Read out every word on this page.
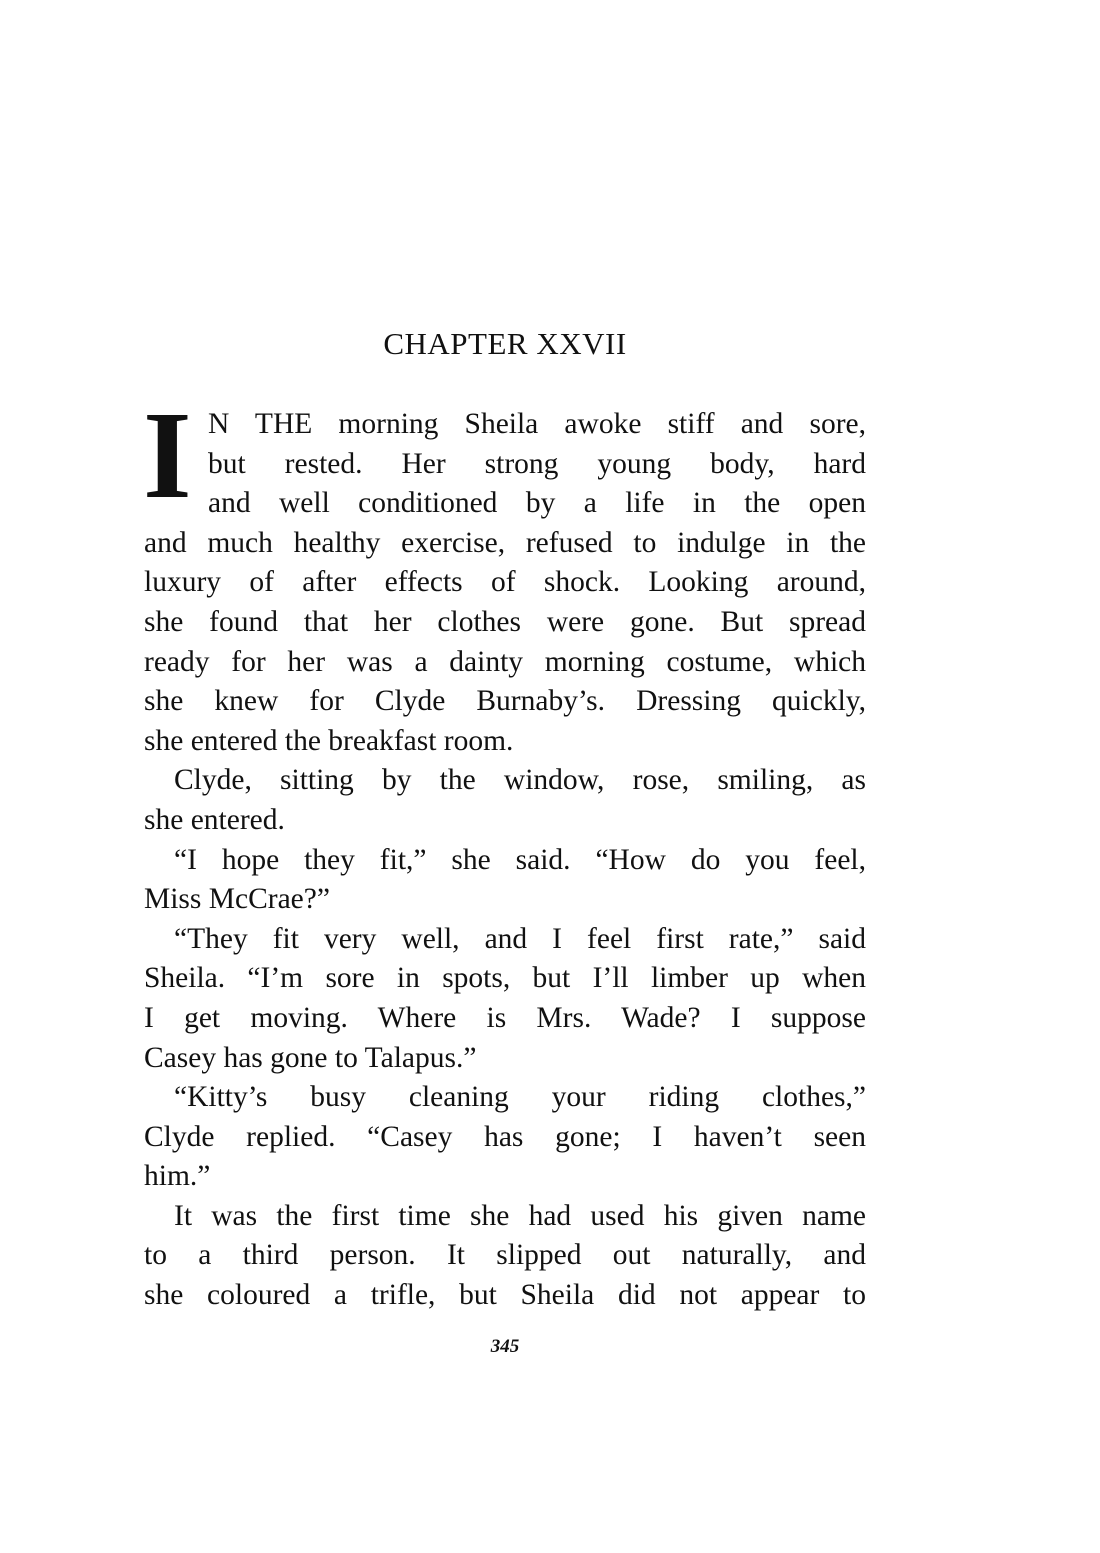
CHAPTER XXVII
I N THE morning Sheila awoke stiff and sore,
but rested. Her strong young body, hard
and well conditioned by a life in the open
and much healthy exercise, refused to indulge in the
luxury of after effects of shock. Looking around,
she found that her clothes were gone. But spread
ready for her was a dainty morning costume, which
she knew for Clyde Burnaby’s. Dressing quickly,
she entered the breakfast room.
Clyde, sitting by the window, rose, smiling, as
she entered.
“I hope they fit,” she said. “How do you feel,
Miss McCrae?”
“They fit very well, and I feel first rate,” said
Sheila. “I’m sore in spots, but I’ll limber up when
I get moving. Where is Mrs. Wade? I suppose
Casey has gone to Talapus.”
“Kitty’s busy cleaning your riding clothes,”
Clyde replied. “Casey has gone; I haven’t seen
him.”
It was the first time she had used his given name
to a third person. It slipped out naturally, and
she coloured a trifle, but Sheila did not appear to
345
